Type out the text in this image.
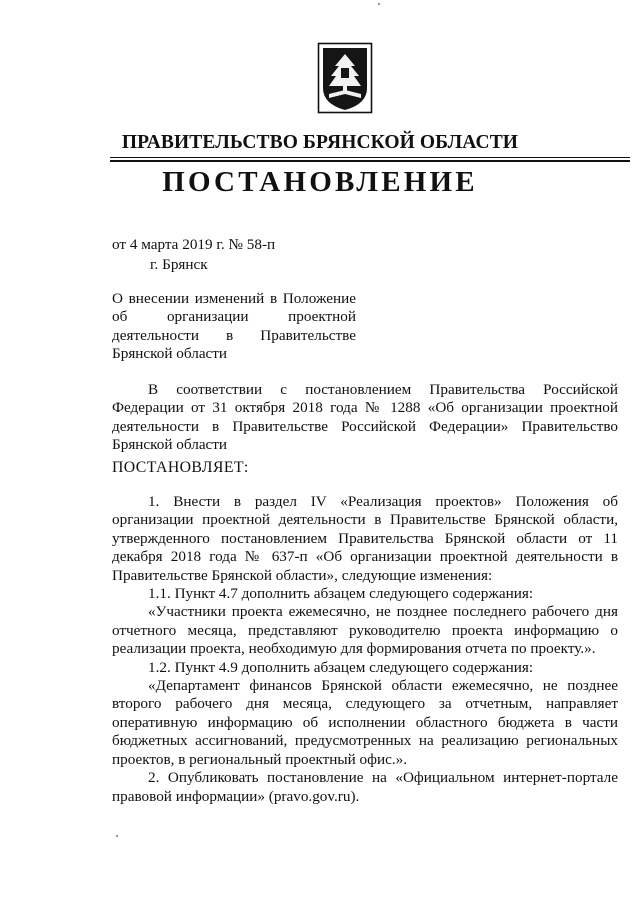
ПРАВИТЕЛЬСТВО БРЯНСКОЙ ОБЛАСТИ
ПОСТАНОВЛЕНИЕ
от 4 марта 2019 г. № 58-п
г. Брянск
О внесении изменений в Положение об организации проектной деятельности в Правительстве Брянской области

В соответствии с постановлением Правительства Российской Федерации от 31 октября 2018 года № 1288 «Об организации проектной деятельности в Правительстве Российской Федерации» Правительство Брянской области

ПОСТАНОВЛЯЕТ:

1. Внести в раздел IV «Реализация проектов» Положения об организации проектной деятельности в Правительстве Брянской области, утвержденного постановлением Правительства Брянской области от 11 декабря 2018 года № 637-п «Об организации проектной деятельности в Правительстве Брянской области», следующие изменения:

1.1. Пункт 4.7 дополнить абзацем следующего содержания:

«Участники проекта ежемесячно, не позднее последнего рабочего дня отчетного месяца, представляют руководителю проекта информацию о реализации проекта, необходимую для формирования отчета по проекту.».

1.2. Пункт 4.9 дополнить абзацем следующего содержания:

«Департамент финансов Брянской области ежемесячно, не позднее второго рабочего дня месяца, следующего за отчетным, направляет оперативную информацию об исполнении областного бюджета в части бюджетных ассигнований, предусмотренных на реализацию региональных проектов, в региональный проектный офис.».

2. Опубликовать постановление на «Официальном интернет-портале правовой информации» (pravo.gov.ru).
